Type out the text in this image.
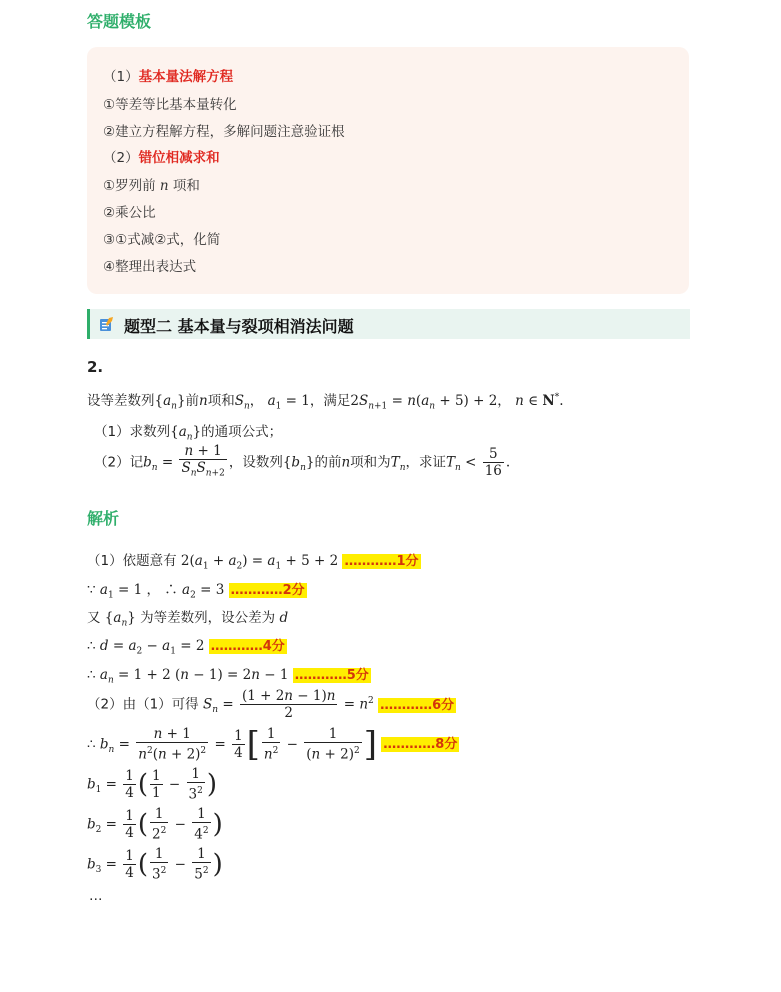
答题模板
（1）基本量法解方程
①等差等比基本量转化
②建立方程解方程，多解问题注意验证根
（2）错位相减求和
①罗列前 n 项和
②乘公比
③①式减②式，化简
④整理出表达式
题型二 基本量与裂项相消法问题
2.
设等差数列$\{a_n\}$前n项和$S_n$， $a_1 = 1$，满足$2S_{n+1} = n(a_n + 5) + 2$， n ∈ N*.
（1）求数列$\{a_n\}$的通项公式；
（2）记$b_n = \frac{n + 1}{S_nS_{n+2}}$ ，设数列$\{b_n\}$的前n项和为$T_n$，求证$T_n < \frac{5}{16}$ .
解析
（1）依题意有 $2(a_1 + a_2) = a_1 + 5 + 2$ …………1分
∵ $a_1 = 1$ ， ∴ $a_2 = 3$ …………2分
又 $\{a_n\}$ 为等差数列，设公差为 d
∴ $d = a_2 - a_1 = 2$ …………4分
∴ $a_n = 1 + 2$ (n − 1) = 2n − 1 …………5分
（2）由（1）可得 $S_n = \frac{(1 + 2n - 1)n}{2} = n^2$ …………6分
∴ $b_n = \frac{n + 1}{n^2(n + 2)^2} = \frac{1}{4}$ [ $\frac{1}{n^2} - \frac{1}{(n + 2)^2}$ ] …………8分
$b_1 = \frac{1}{4}$ ( $\frac{1}{1} - \frac{1}{3^2}$ )
$b_2 = \frac{1}{4}$ ( $\frac{1}{2^2} - \frac{1}{4^2}$ )
$b_3 = \frac{1}{4}$ ( $\frac{1}{3^2} - \frac{1}{5^2}$ )
…
